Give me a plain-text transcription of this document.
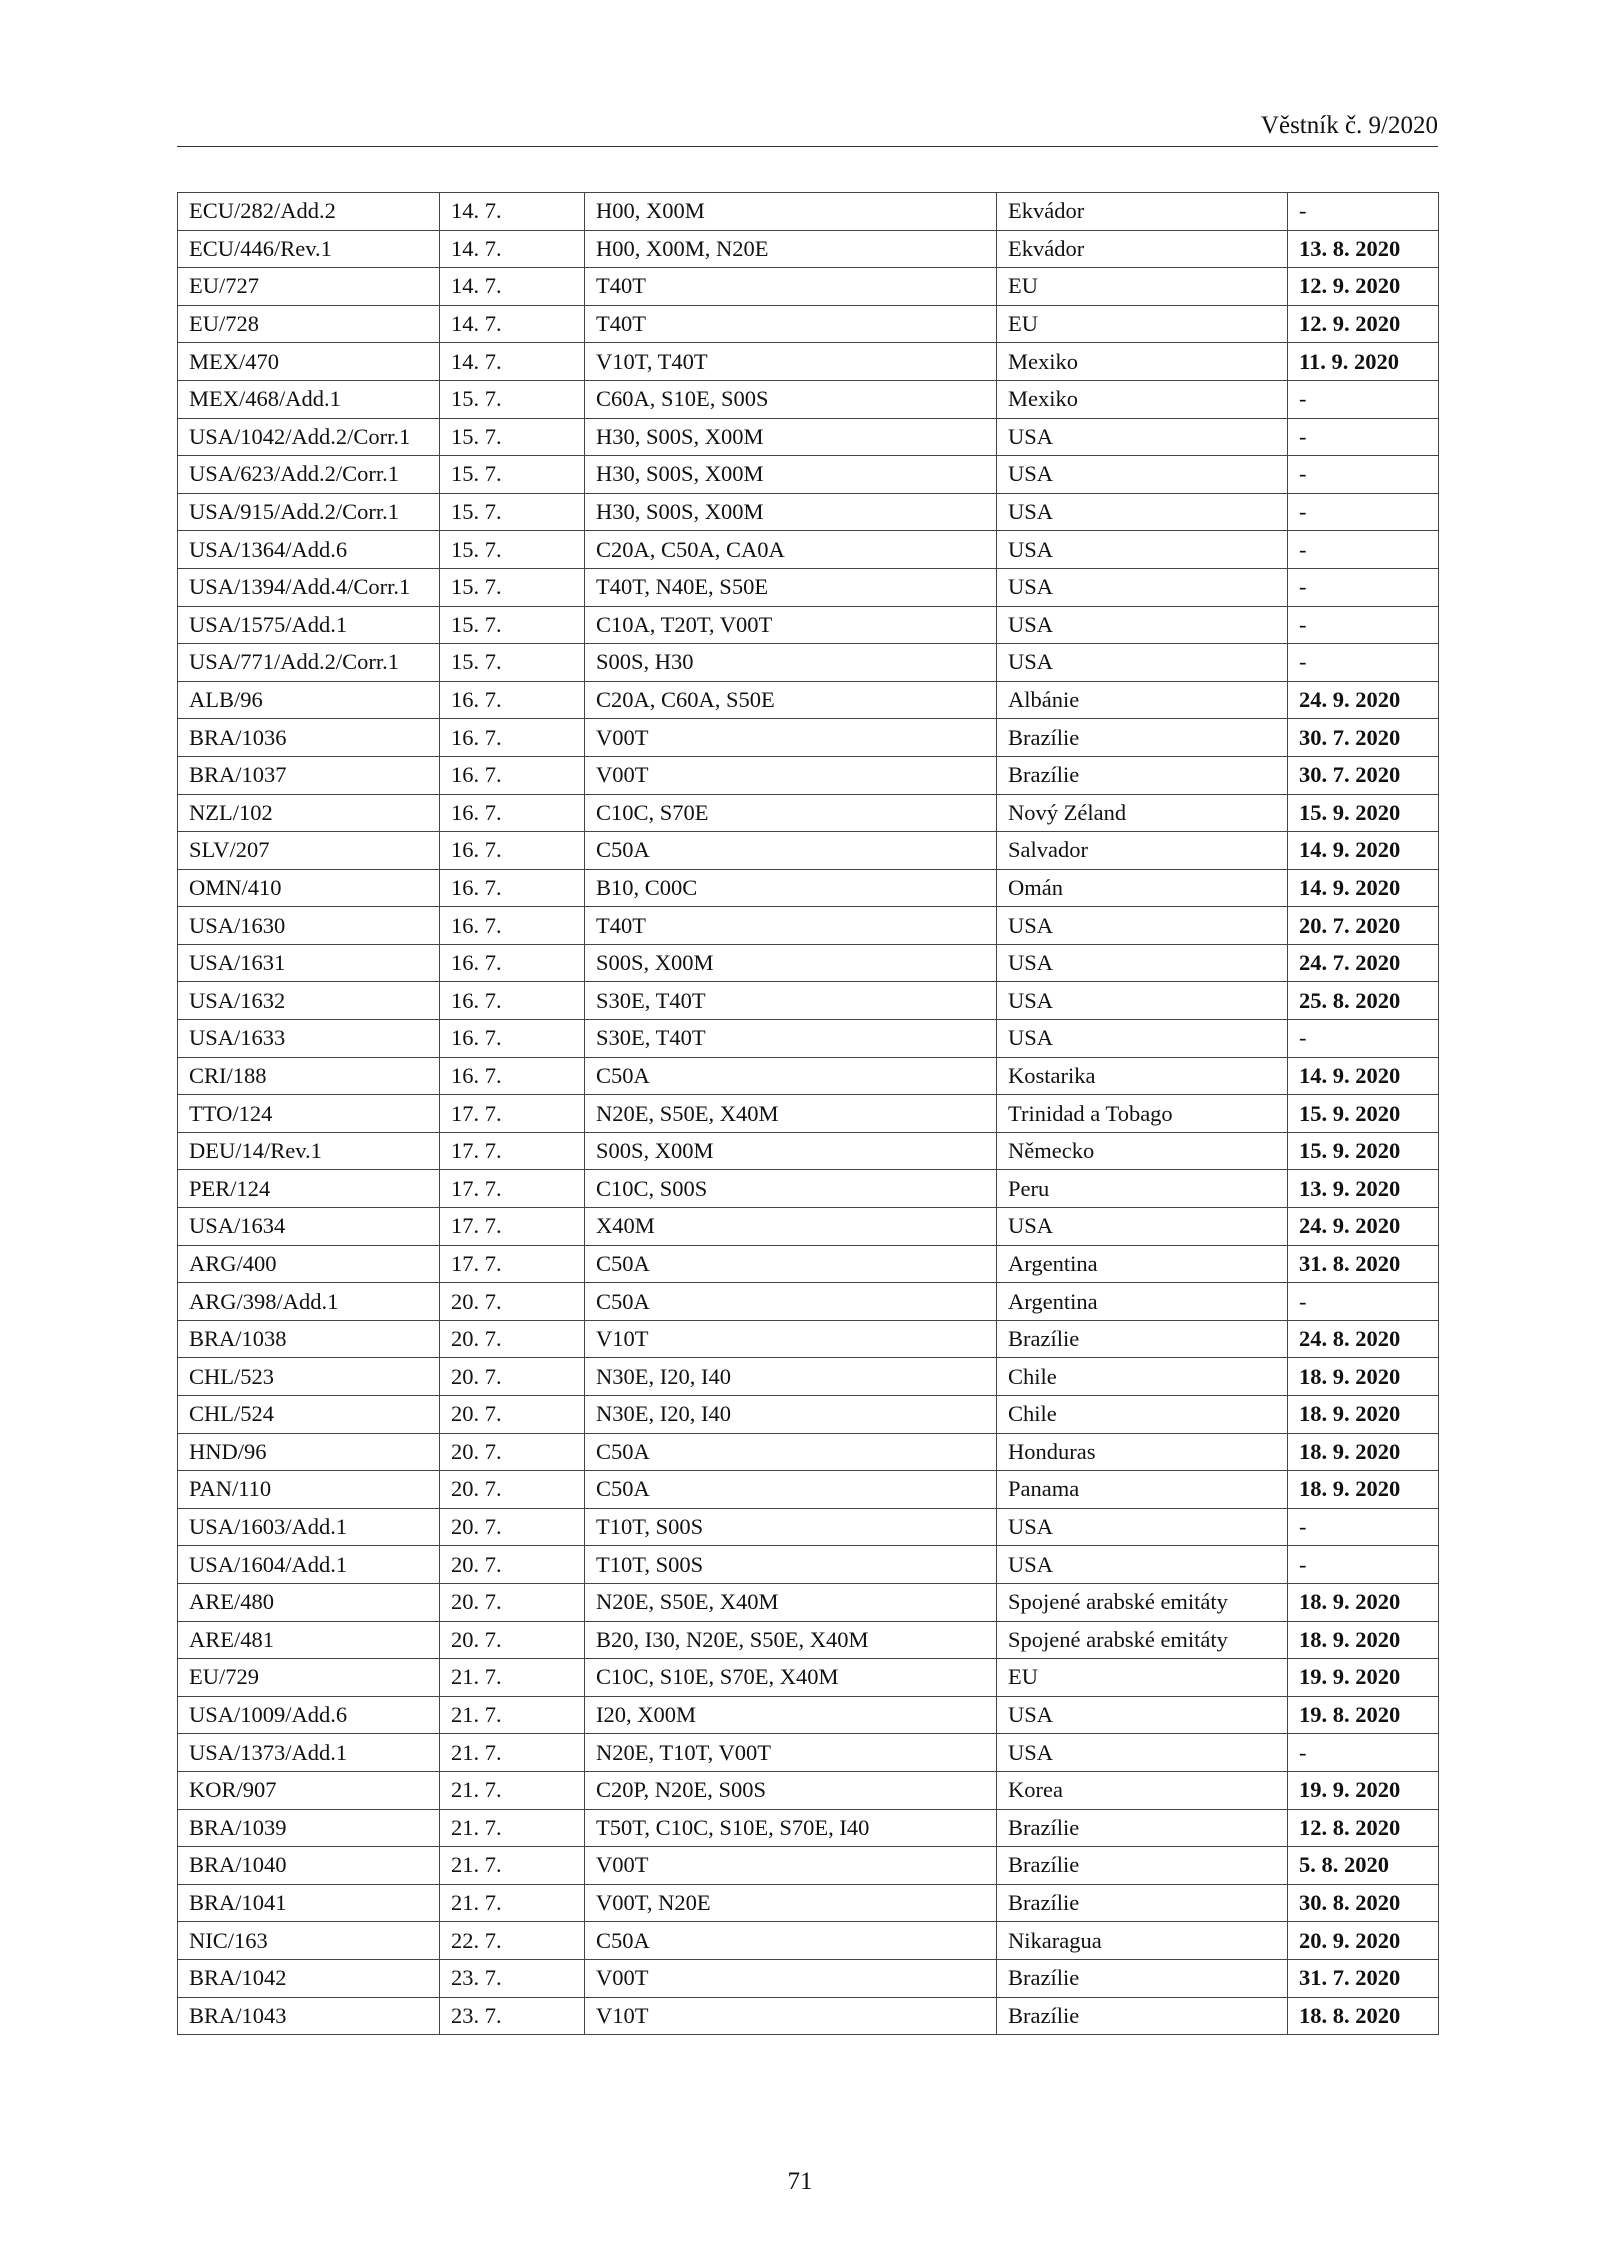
Věstník č. 9/2020
ECU/282/Add.2	14. 7.	H00, X00M	Ekvádor	-
ECU/446/Rev.1	14. 7.	H00, X00M, N20E	Ekvádor	13. 8. 2020
EU/727	14. 7.	T40T	EU	12. 9. 2020
EU/728	14. 7.	T40T	EU	12. 9. 2020
MEX/470	14. 7.	V10T, T40T	Mexiko	11. 9. 2020
MEX/468/Add.1	15. 7.	C60A, S10E, S00S	Mexiko	-
USA/1042/Add.2/Corr.1	15. 7.	H30, S00S, X00M	USA	-
USA/623/Add.2/Corr.1	15. 7.	H30, S00S, X00M	USA	-
USA/915/Add.2/Corr.1	15. 7.	H30, S00S, X00M	USA	-
USA/1364/Add.6	15. 7.	C20A, C50A, CA0A	USA	-
USA/1394/Add.4/Corr.1	15. 7.	T40T, N40E, S50E	USA	-
USA/1575/Add.1	15. 7.	C10A, T20T, V00T	USA	-
USA/771/Add.2/Corr.1	15. 7.	S00S, H30	USA	-
ALB/96	16. 7.	C20A, C60A, S50E	Albánie	24. 9. 2020
BRA/1036	16. 7.	V00T	Brazílie	30. 7. 2020
BRA/1037	16. 7.	V00T	Brazílie	30. 7. 2020
NZL/102	16. 7.	C10C, S70E	Nový Zéland	15. 9. 2020
SLV/207	16. 7.	C50A	Salvador	14. 9. 2020
OMN/410	16. 7.	B10, C00C	Omán	14. 9. 2020
USA/1630	16. 7.	T40T	USA	20. 7. 2020
USA/1631	16. 7.	S00S, X00M	USA	24. 7. 2020
USA/1632	16. 7.	S30E, T40T	USA	25. 8. 2020
USA/1633	16. 7.	S30E, T40T	USA	-
CRI/188	16. 7.	C50A	Kostarika	14. 9. 2020
TTO/124	17. 7.	N20E, S50E, X40M	Trinidad a Tobago	15. 9. 2020
DEU/14/Rev.1	17. 7.	S00S, X00M	Německo	15. 9. 2020
PER/124	17. 7.	C10C, S00S	Peru	13. 9. 2020
USA/1634	17. 7.	X40M	USA	24. 9. 2020
ARG/400	17. 7.	C50A	Argentina	31. 8. 2020
ARG/398/Add.1	20. 7.	C50A	Argentina	-
BRA/1038	20. 7.	V10T	Brazílie	24. 8. 2020
CHL/523	20. 7.	N30E, I20, I40	Chile	18. 9. 2020
CHL/524	20. 7.	N30E, I20, I40	Chile	18. 9. 2020
HND/96	20. 7.	C50A	Honduras	18. 9. 2020
PAN/110	20. 7.	C50A	Panama	18. 9. 2020
USA/1603/Add.1	20. 7.	T10T, S00S	USA	-
USA/1604/Add.1	20. 7.	T10T, S00S	USA	-
ARE/480	20. 7.	N20E, S50E, X40M	Spojené arabské emitáty	18. 9. 2020
ARE/481	20. 7.	B20, I30, N20E, S50E, X40M	Spojené arabské emitáty	18. 9. 2020
EU/729	21. 7.	C10C, S10E, S70E, X40M	EU	19. 9. 2020
USA/1009/Add.6	21. 7.	I20, X00M	USA	19. 8. 2020
USA/1373/Add.1	21. 7.	N20E, T10T, V00T	USA	-
KOR/907	21. 7.	C20P, N20E, S00S	Korea	19. 9. 2020
BRA/1039	21. 7.	T50T, C10C, S10E, S70E, I40	Brazílie	12. 8. 2020
BRA/1040	21. 7.	V00T	Brazílie	5. 8. 2020
BRA/1041	21. 7.	V00T, N20E	Brazílie	30. 8. 2020
NIC/163	22. 7.	C50A	Nikaragua	20. 9. 2020
BRA/1042	23. 7.	V00T	Brazílie	31. 7. 2020
BRA/1043	23. 7.	V10T	Brazílie	18. 8. 2020
71
